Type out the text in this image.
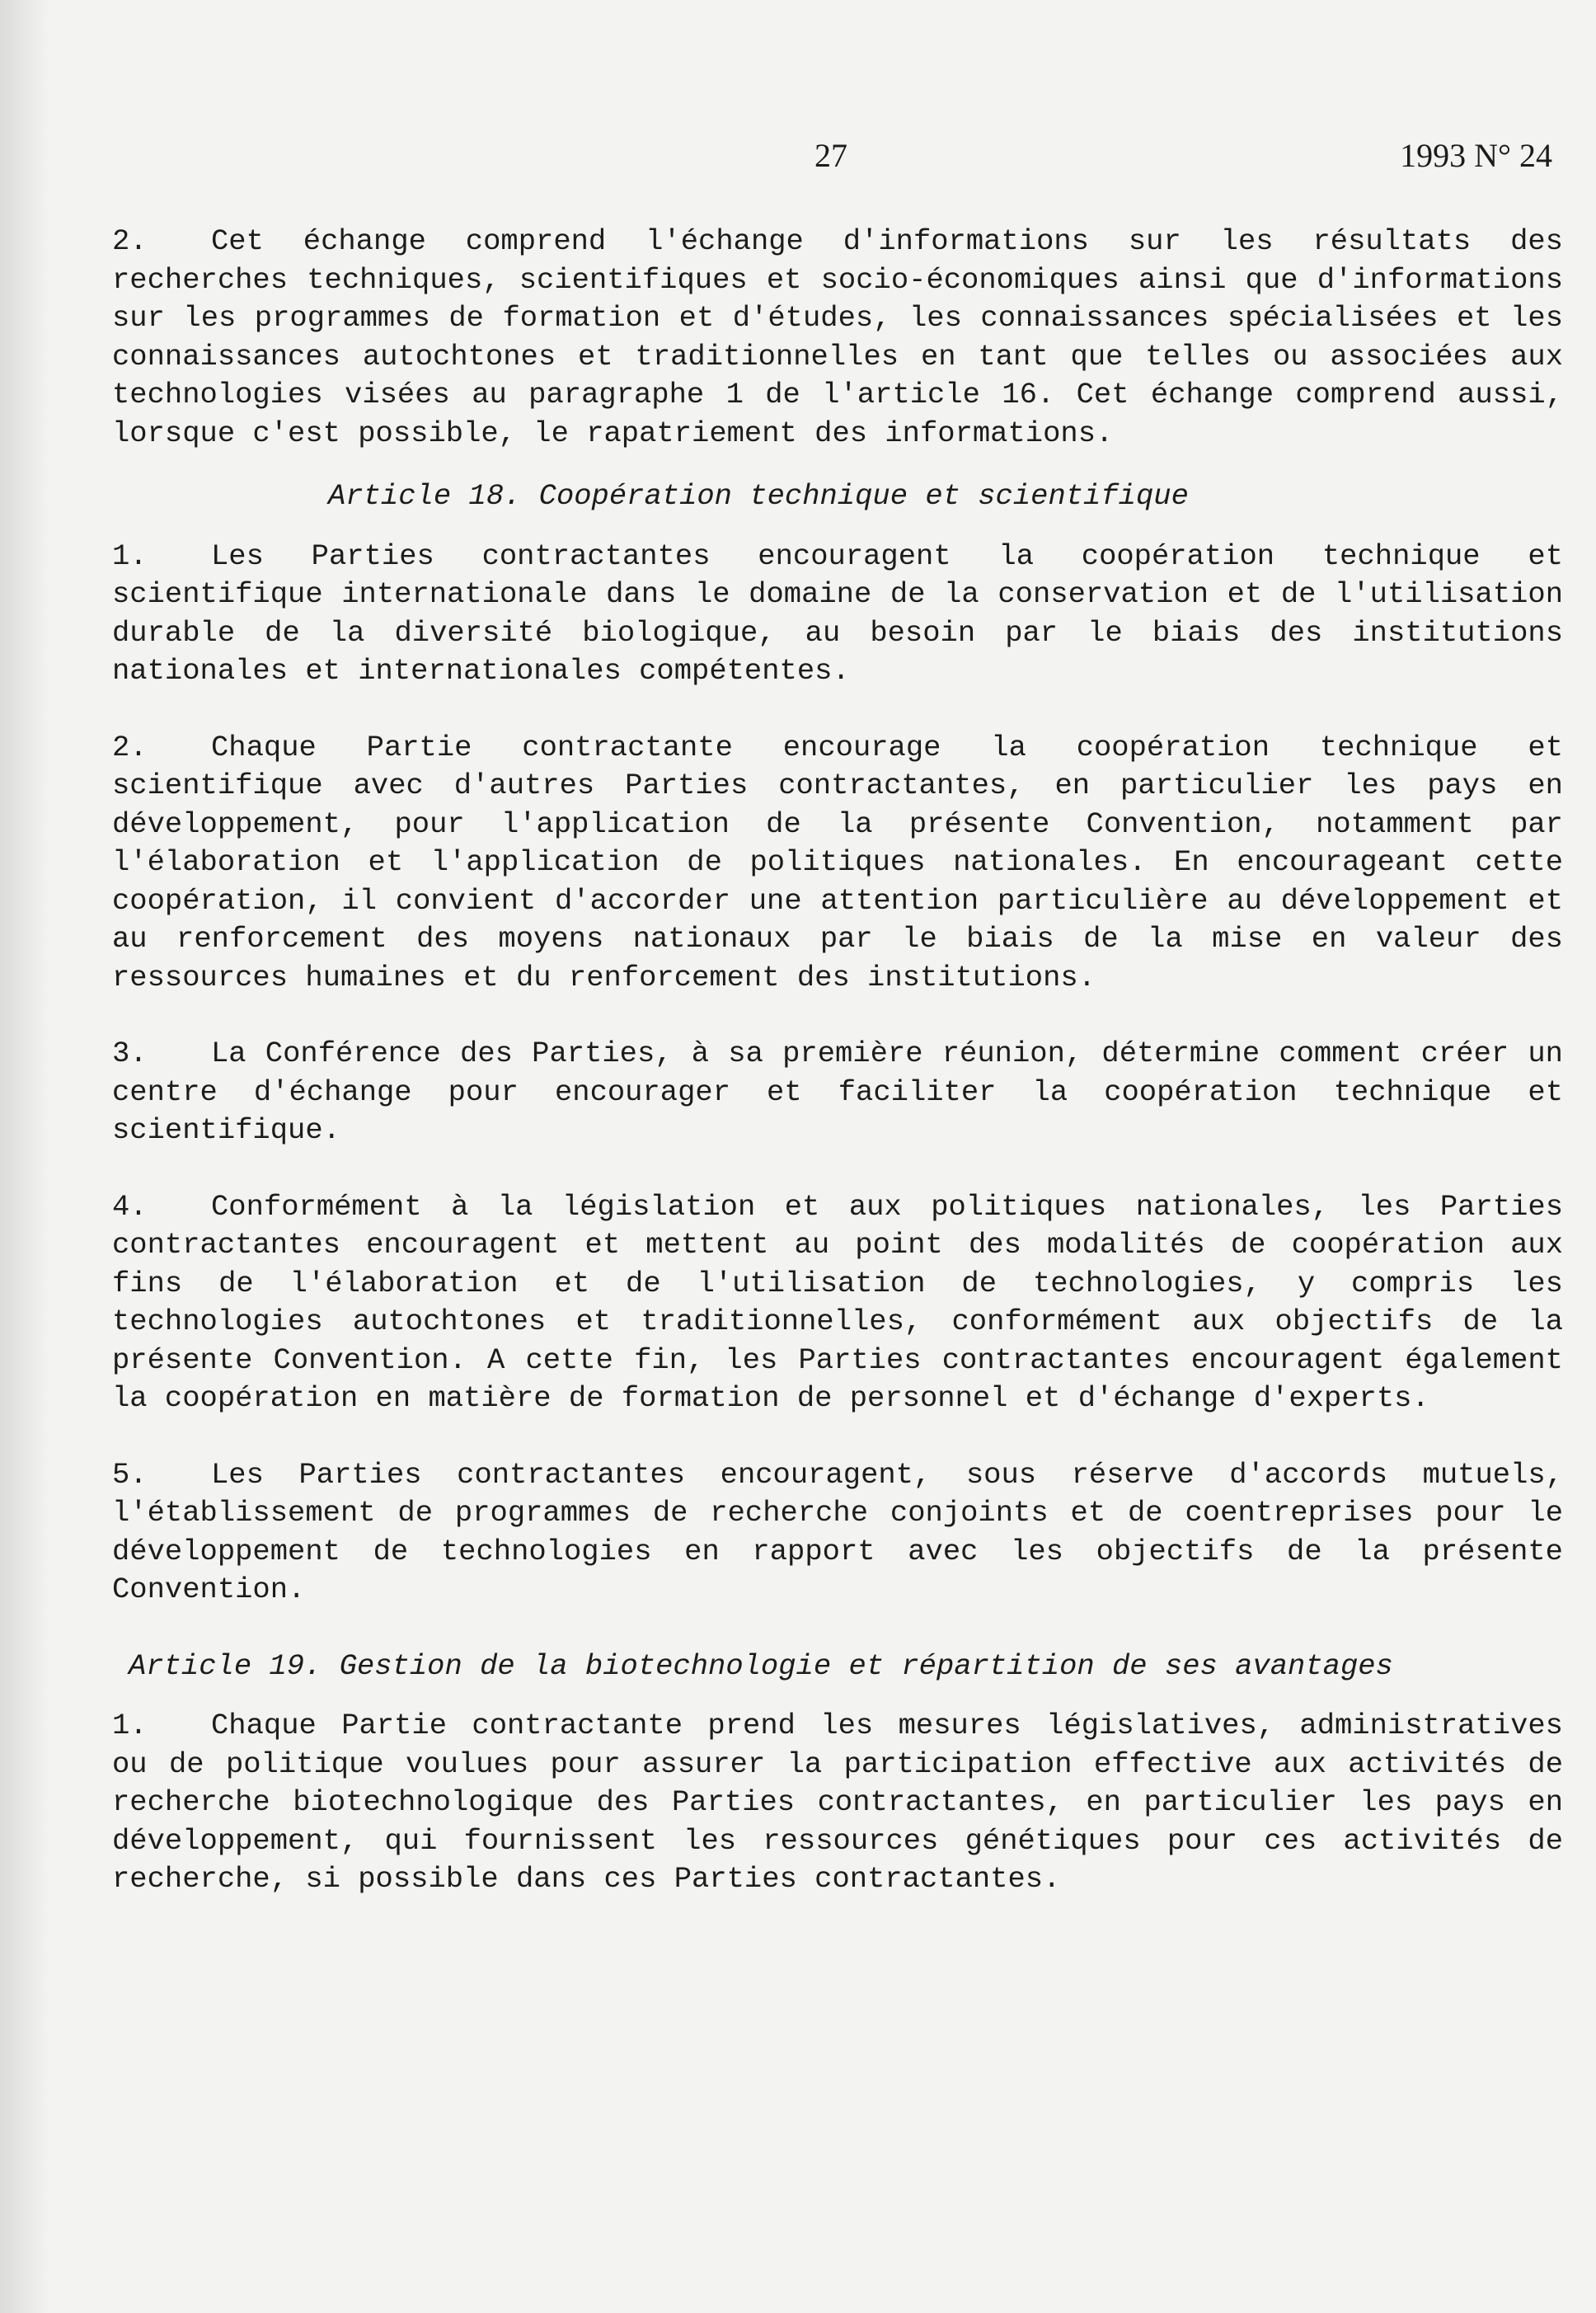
27	1993 N° 24

2. Cet échange comprend l'échange d'informations sur les résultats des recherches techniques, scientifiques et socio-économiques ainsi que d'informations sur les programmes de formation et d'études, les connaissances spécialisées et les connaissances autochtones et traditionnelles en tant que telles ou associées aux technologies visées au paragraphe 1 de l'article 16. Cet échange comprend aussi, lorsque c'est possible, le rapatriement des informations.

Article 18. Coopération technique et scientifique

1. Les Parties contractantes encouragent la coopération technique et scientifique internationale dans le domaine de la conservation et de l'utilisation durable de la diversité biologique, au besoin par le biais des institutions nationales et internationales compétentes.

2. Chaque Partie contractante encourage la coopération technique et scientifique avec d'autres Parties contractantes, en particulier les pays en développement, pour l'application de la présente Convention, notamment par l'élaboration et l'application de politiques nationales. En encourageant cette coopération, il convient d'accorder une attention particulière au développement et au renforcement des moyens nationaux par le biais de la mise en valeur des ressources humaines et du renforcement des institutions.

3. La Conférence des Parties, à sa première réunion, détermine comment créer un centre d'échange pour encourager et faciliter la coopération technique et scientifique.

4. Conformément à la législation et aux politiques nationales, les Parties contractantes encouragent et mettent au point des modalités de coopération aux fins de l'élaboration et de l'utilisation de technologies, y compris les technologies autochtones et traditionnelles, conformément aux objectifs de la présente Convention. A cette fin, les Parties contractantes encouragent également la coopération en matière de formation de personnel et d'échange d'experts.

5. Les Parties contractantes encouragent, sous réserve d'accords mutuels, l'établissement de programmes de recherche conjoints et de coentreprises pour le développement de technologies en rapport avec les objectifs de la présente Convention.

Article 19. Gestion de la biotechnologie et répartition de ses avantages

1. Chaque Partie contractante prend les mesures législatives, administratives ou de politique voulues pour assurer la participation effective aux activités de recherche biotechnologique des Parties contractantes, en particulier les pays en développement, qui fournissent les ressources génétiques pour ces activités de recherche, si possible dans ces Parties contractantes.
